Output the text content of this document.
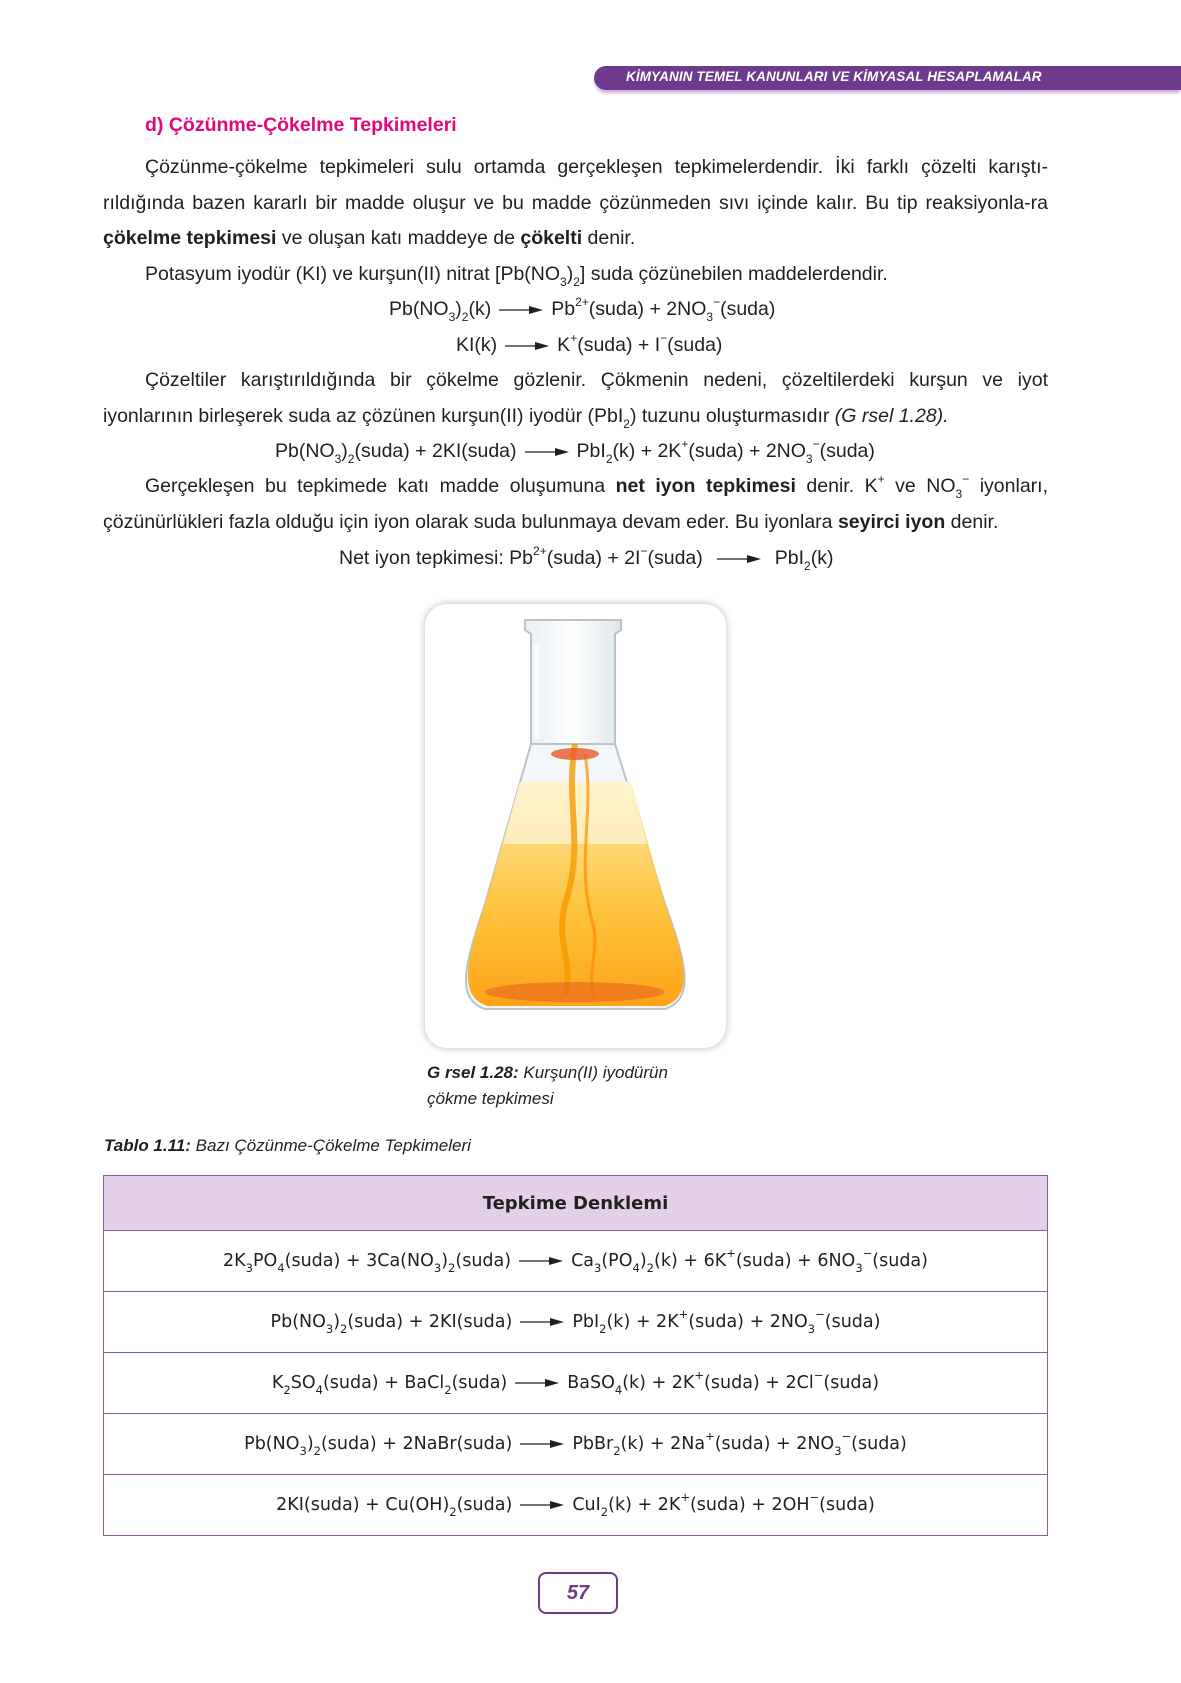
KİMYANIN TEMEL KANUNLARI VE KİMYASAL HESAPLAMALAR
d) Çözünme-Çökelme Tepkimeleri
Çözünme-çökelme tepkimeleri sulu ortamda gerçekleşen tepkimelerdendir. İki farklı çözelti karıştı-rıldığında bazen kararlı bir madde oluşur ve bu madde çözünmeden sıvı içinde kalır. Bu tip reaksiyonla-ra çökelme tepkimesi ve oluşan katı maddeye de çökelti denir.
Potasyum iyodür (KI) ve kurşun(II) nitrat $[Pb(NO_3)_2]$ suda çözünebilen maddelerdendir.
$Pb(NO_3)_2(k)$ → $Pb^{2+}(suda)$ + $2NO_3^-(suda)$
KI(k) → K+(suda) + I−(suda)
Çözeltiler karıştırıldığında bir çökelme gözlenir. Çökmenin nedeni, çözeltilerdeki kurşun ve iyot iyonlarının birleşerek suda az çözünen kurşun(II) iyodür (PbI$_2$) tuzunu oluşturmasıdır (G rsel 1.28).
$Pb(NO_3)_2(suda)$ + 2KI(suda) → PbI$_2$(k) + 2K+(suda) + $2NO_3^-(suda)$
Gerçekleşen bu tepkimede katı madde oluşumuna net iyon tepkimesi denir. K+ ve $NO_3^-$ iyonları, çözünürlükleri fazla olduğu için iyon olarak suda bulunmaya devam eder. Bu iyonlara seyirci iyon denir.
Net iyon tepkimesi: $Pb^{2+}(suda)$ + 2I−(suda) → PbI$_2$(k)
G rsel 1.28: Kurşun(II) iyodürün
çökme tepkimesi
Tablo 1.11: Bazı Çözünme-Çökelme Tepkimeleri
Tepkime Denklemi
$2K_3PO_4(suda)$ + $3Ca(NO_3)_2(suda) \to Ca_3(PO_4)_2(k)$ + 6K+(suda) + $6NO_3^-(suda)$
$Pb(NO_3)_2(suda)$ + 2KI(suda) → PbI$_2$(k) + 2K+(suda) + $2NO_3^-(suda)$
$K_2SO_4(suda)$ + BaCl$_2$(suda) → BaSO$_4$(k) + 2K+(suda) + 2Cl−(suda)
$Pb(NO_3)_2(suda)$ + 2NaBr(suda) → PbBr$_2$(k) + 2Na+(suda) + $2NO_3^-(suda)$
2KI(suda) + $Cu(OH)_2(suda) \to CuI_2(k)$ + 2K+(suda) + 2OH−(suda)
57
